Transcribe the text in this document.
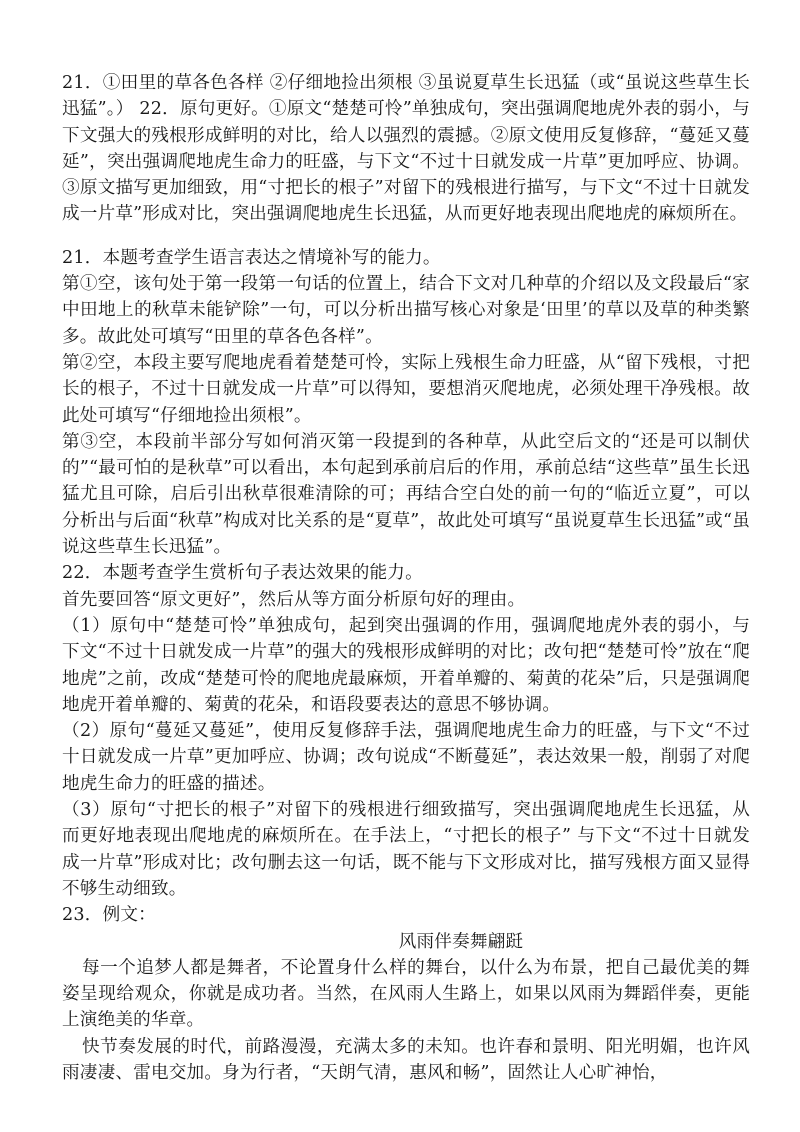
21．①田里的草各色各样 ②仔细地捡出须根 ③虽说夏草生长迅猛（或“虽说这些草生长迅猛”。） 22．原句更好。①原文“楚楚可怜”单独成句，突出强调爬地虎外表的弱小，与下文强大的残根形成鲜明的对比，给人以强烈的震撼。②原文使用反复修辞，“蔓延又蔓延”，突出强调爬地虎生命力的旺盛，与下文“不过十日就发成一片草”更加呼应、协调。③原文描写更加细致，用“寸把长的根子”对留下的残根进行描写，与下文“不过十日就发成一片草”形成对比，突出强调爬地虎生长迅猛，从而更好地表现出爬地虎的麻烦所在。

21．本题考查学生语言表达之情境补写的能力。

第①空，该句处于第一段第一句话的位置上，结合下文对几种草的介绍以及文段最后“家中田地上的秋草未能铲除”一句，可以分析出描写核心对象是‘田里’的草以及草的种类繁多。故此处可填写“田里的草各色各样”。

第②空，本段主要写爬地虎看着楚楚可怜，实际上残根生命力旺盛，从“留下残根，寸把长的根子，不过十日就发成一片草”可以得知，要想消灭爬地虎，必须处理干净残根。故此处可填写“仔细地捡出须根”。

第③空，本段前半部分写如何消灭第一段提到的各种草，从此空后文的“还是可以制伏的”“最可怕的是秋草”可以看出，本句起到承前启后的作用，承前总结“这些草”虽生长迅猛尤且可除，启后引出秋草很难清除的可；再结合空白处的前一句的“临近立夏”，可以分析出与后面“秋草”构成对比关系的是“夏草”，故此处可填写“虽说夏草生长迅猛”或“虽说这些草生长迅猛”。

22．本题考查学生赏析句子表达效果的能力。

首先要回答“原文更好”，然后从等方面分析原句好的理由。

（1）原句中“楚楚可怜”单独成句，起到突出强调的作用，强调爬地虎外表的弱小，与下文“不过十日就发成一片草”的强大的残根形成鲜明的对比；改句把“楚楚可怜”放在“爬地虎”之前，改成“楚楚可怜的爬地虎最麻烦，开着单瓣的、菊黄的花朵”后，只是强调爬地虎开着单瓣的、菊黄的花朵，和语段要表达的意思不够协调。

（2）原句“蔓延又蔓延”，使用反复修辞手法，强调爬地虎生命力的旺盛，与下文“不过十日就发成一片草”更加呼应、协调；改句说成“不断蔓延”，表达效果一般，削弱了对爬地虎生命力的旺盛的描述。

（3）原句“寸把长的根子”对留下的残根进行细致描写，突出强调爬地虎生长迅猛，从而更好地表现出爬地虎的麻烦所在。在手法上，“寸把长的根子” 与下文“不过十日就发成一片草”形成对比；改句删去这一句话，既不能与下文形成对比，描写残根方面又显得不够生动细致。

23．例文：

风雨伴奏舞翩跹

　每一个追梦人都是舞者，不论置身什么样的舞台，以什么为布景，把自己最优美的舞姿呈现给观众，你就是成功者。当然，在风雨人生路上，如果以风雨为舞蹈伴奏，更能上演绝美的华章。

　快节奏发展的时代，前路漫漫，充满太多的未知。也许春和景明、阳光明媚，也许风雨凄凄、雷电交加。身为行者，“天朗气清，惠风和畅”，固然让人心旷神怡，
